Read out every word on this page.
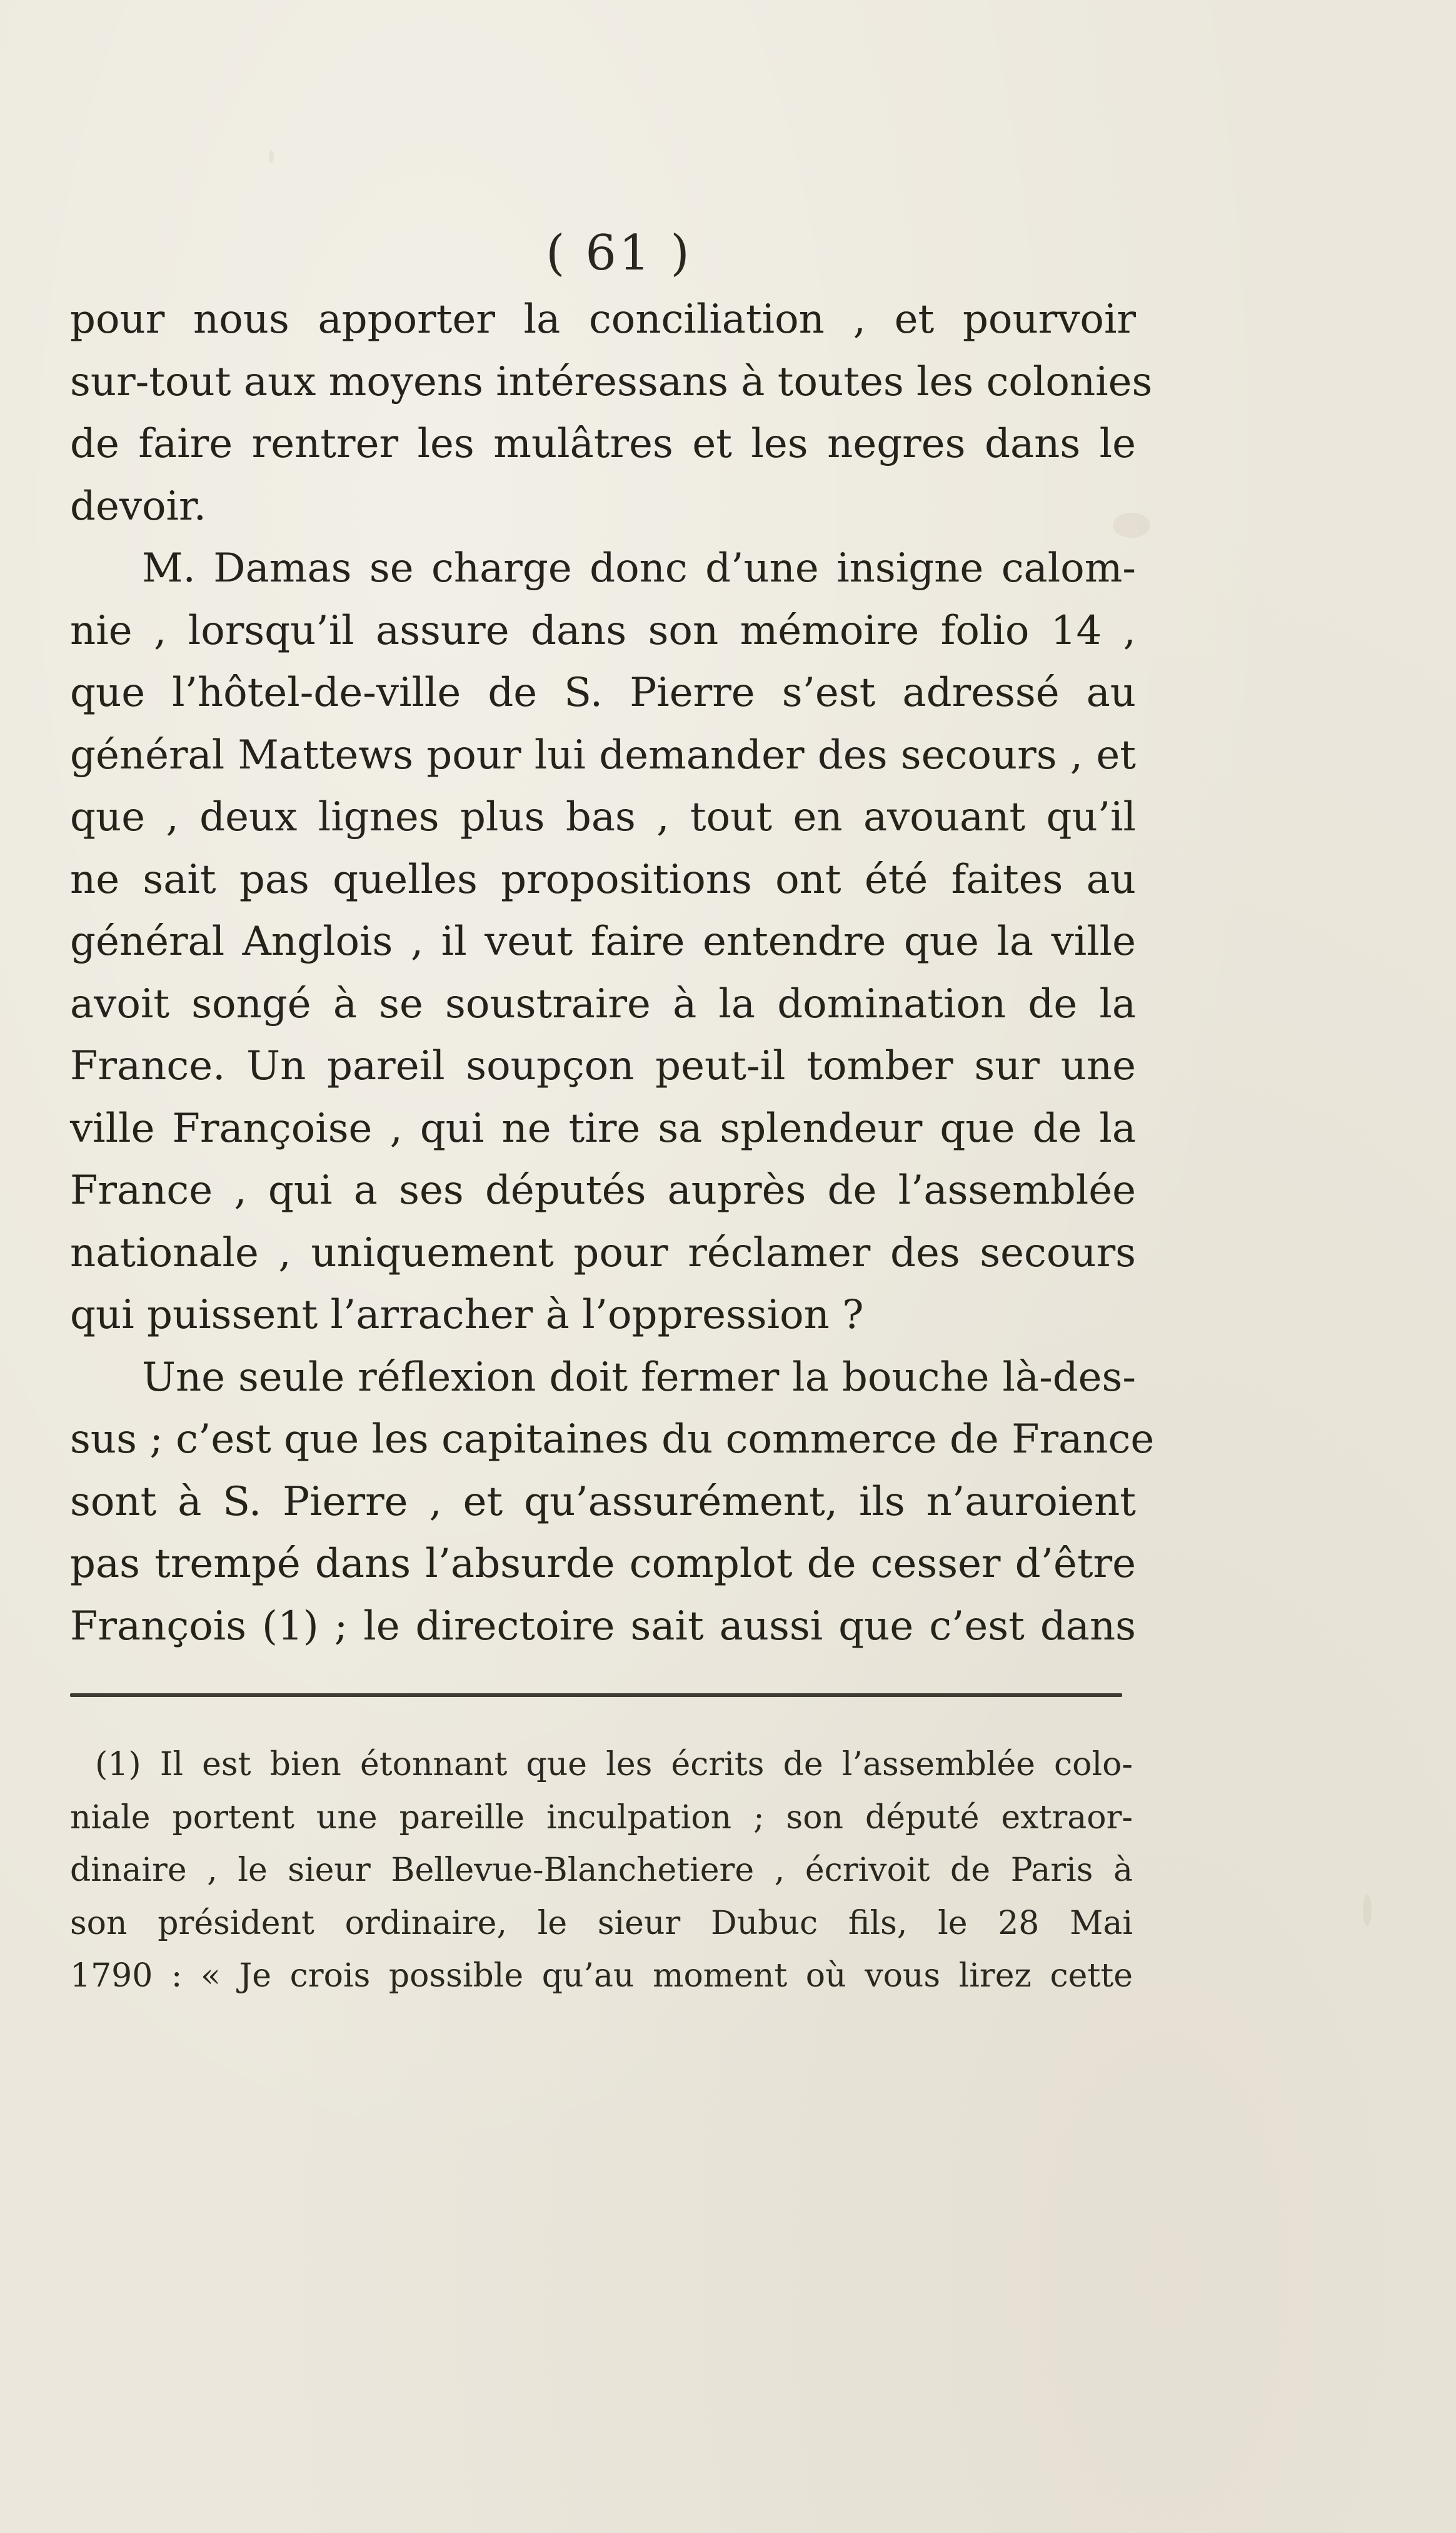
( 61 )
pour nous apporter la conciliation , et pourvoir
sur-tout aux moyens intéressans à toutes les colonies
de faire rentrer les mulâtres et les negres dans le
devoir.
M. Damas se charge donc d’une insigne calom-
nie , lorsqu’il assure dans son mémoire folio 14 ,
que l’hôtel-de-ville de S. Pierre s’est adressé au
général Mattews pour lui demander des secours , et
que , deux lignes plus bas , tout en avouant qu’il
ne sait pas quelles propositions ont été faites au
général Anglois , il veut faire entendre que la ville
avoit songé à se soustraire à la domination de la
France. Un pareil soupçon peut-il tomber sur une
ville Françoise , qui ne tire sa splendeur que de la
France , qui a ses députés auprès de l’assemblée
nationale , uniquement pour réclamer des secours
qui puissent l’arracher à l’oppression ?
Une seule réflexion doit fermer la bouche là-des-
sus ; c’est que les capitaines du commerce de France
sont à S. Pierre , et qu’assurément, ils n’auroient
pas trempé dans l’absurde complot de cesser d’être
François (1) ; le directoire sait aussi que c’est dans
(1) Il est bien étonnant que les écrits de l’assemblée colo-
niale portent une pareille inculpation ; son député extraor-
dinaire , le sieur Bellevue-Blanchetiere , écrivoit de Paris à
son président ordinaire, le sieur Dubuc fils, le 28 Mai
1790 : « Je crois possible qu’au moment où vous lirez cette
